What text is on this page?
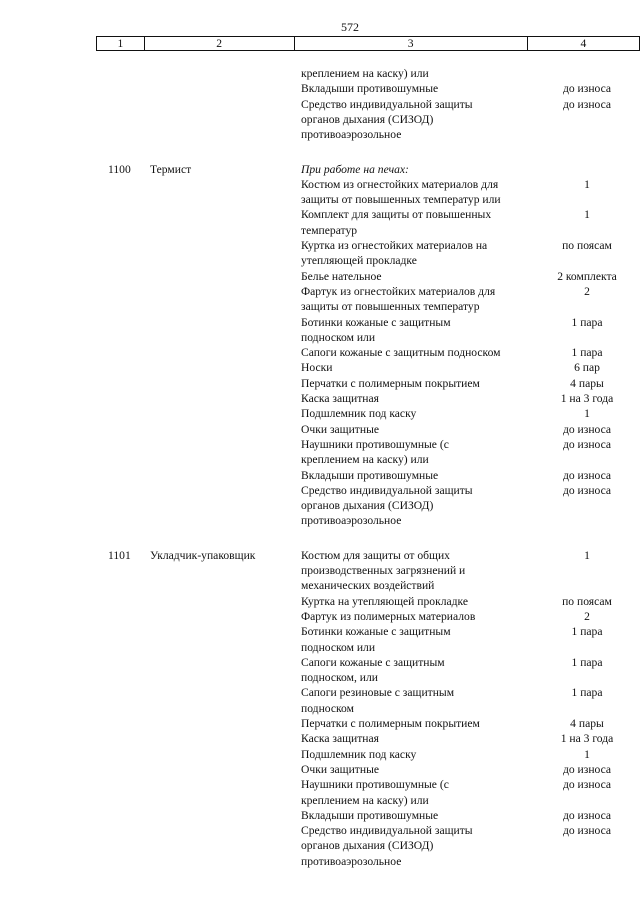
572
1	2	3	4
креплением на каску) или
Вкладыши противошумные	до износа
Средство индивидуальной защиты	до износа
органов дыхания (СИЗОД)
противоаэрозольное
1100 Термист	При работе на печах:
Костюм из огнестойких материалов для	1
защиты от повышенных температур или
Комплект для защиты от повышенных	1
температур
Куртка из огнестойких материалов на	по поясам
утепляющей прокладке
Белье нательное	2 комплекта
Фартук из огнестойких материалов для	2
защиты от повышенных температур
Ботинки кожаные с защитным	1 пара
подноском или
Сапоги кожаные с защитным подноском	1 пара
Носки	6 пар
Перчатки с полимерным покрытием	4 пары
Каска защитная	1 на 3 года
Подшлемник под каску	1
Очки защитные	до износа
Наушники противошумные (с	до износа
креплением на каску) или
Вкладыши противошумные	до износа
Средство индивидуальной защиты	до износа
органов дыхания (СИЗОД)
противоаэрозольное
1101 Укладчик-упаковщик	Костюм для защиты от общих	1
производственных загрязнений и
механических воздействий
Куртка на утепляющей прокладке	по поясам
Фартук из полимерных материалов	2
Ботинки кожаные с защитным	1 пара
подноском или
Сапоги кожаные с защитным	1 пара
подноском, или
Сапоги резиновые с защитным	1 пара
подноском
Перчатки с полимерным покрытием	4 пары
Каска защитная	1 на 3 года
Подшлемник под каску	1
Очки защитные	до износа
Наушники противошумные (с	до износа
креплением на каску) или
Вкладыши противошумные	до износа
Средство индивидуальной защиты	до износа
органов дыхания (СИЗОД)
противоаэрозольное
